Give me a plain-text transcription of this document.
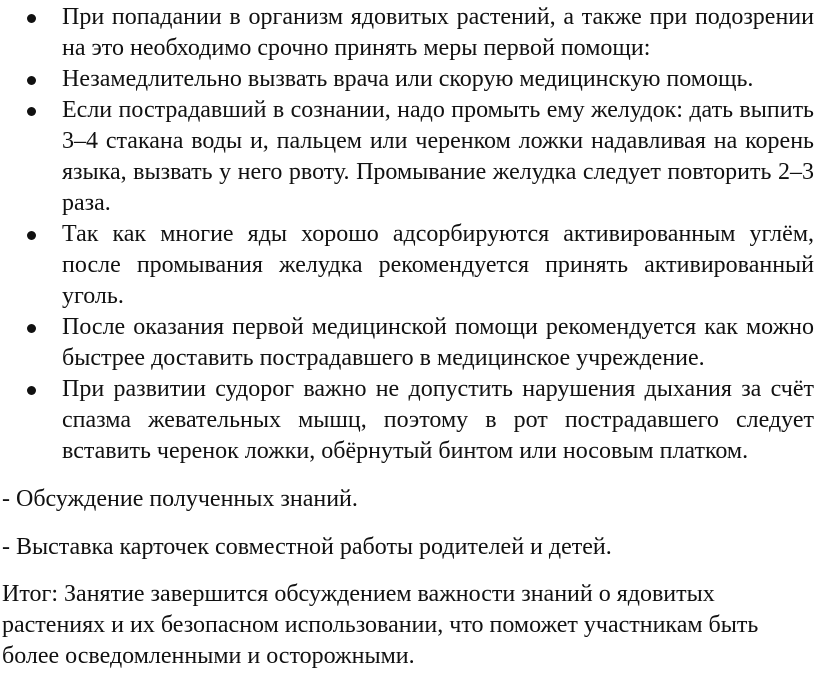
При попадании в организм ядовитых растений, а также при подозрении на это необходимо срочно принять меры первой помощи:
Незамедлительно вызвать врача или скорую медицинскую помощь.
Если пострадавший в сознании, надо промыть ему желудок: дать выпить 3–4 стакана воды и, пальцем или черенком ложки надавливая на корень языка, вызвать у него рвоту. Промывание желудка следует повторить 2–3 раза.
Так как многие яды хорошо адсорбируются активированным углём, после промывания желудка рекомендуется принять активированный уголь.
После оказания первой медицинской помощи рекомендуется как можно быстрее доставить пострадавшего в медицинское учреждение.
При развитии судорог важно не допустить нарушения дыхания за счёт спазма жевательных мышц, поэтому в рот пострадавшего следует вставить черенок ложки, обёрнутый бинтом или носовым платком.

- Обсуждение полученных знаний.

- Выставка карточек совместной работы родителей и детей.

Итог: Занятие завершится обсуждением важности знаний о ядовитых растениях и их безопасном использовании, что поможет участникам быть более осведомленными и осторожными.
